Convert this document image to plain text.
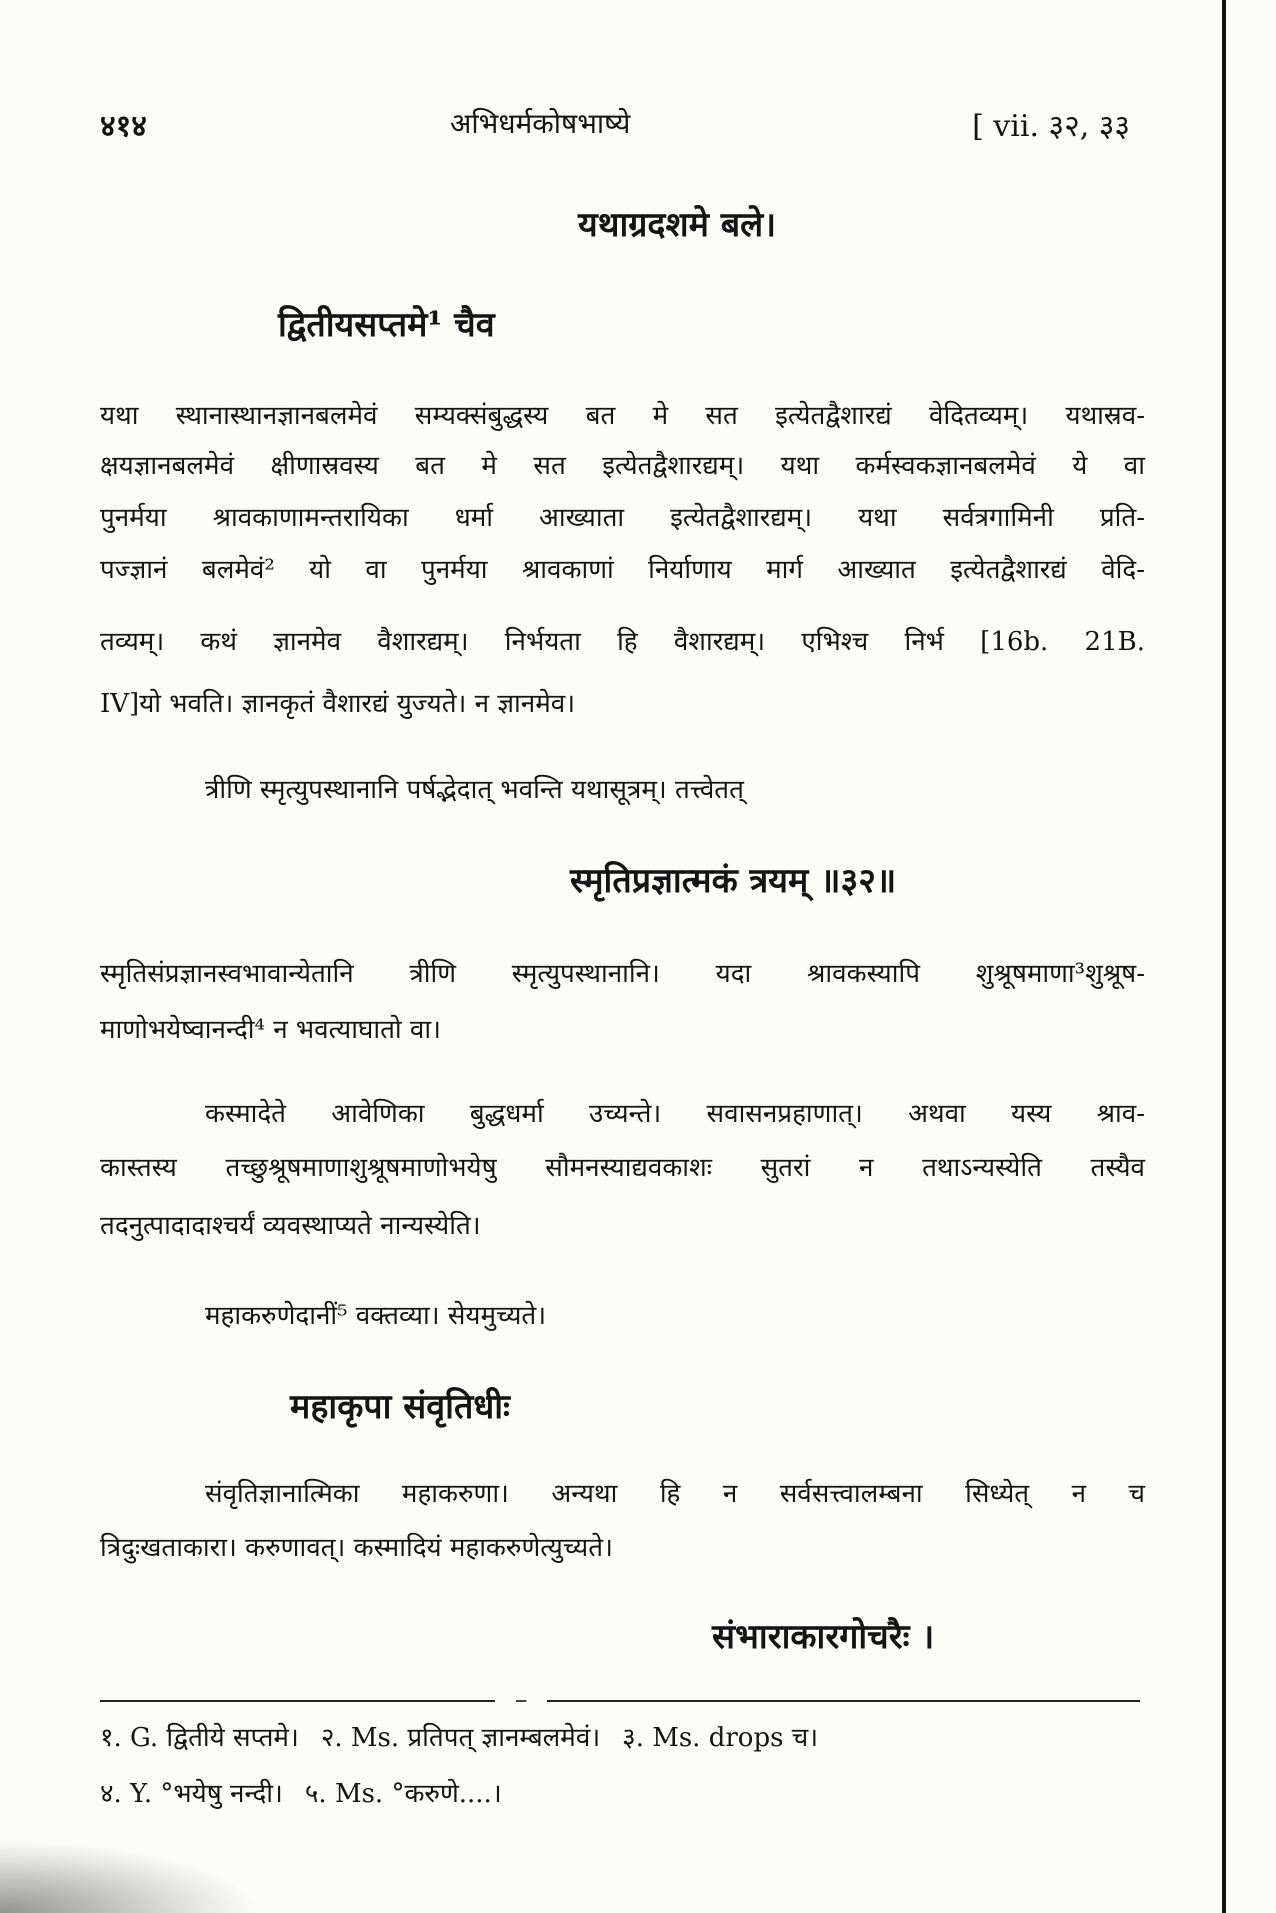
४१४	अभिधर्मकोषभाष्ये	[ vii. ३२, ३३
यथाग्रदशमे बले।
द्वितीयसप्तमे¹ चैव
यथा स्थानास्थानज्ञानबलमेवं सम्यक्संबुद्धस्य बत मे सत इत्येतद्वैशारद्यं वेदितव्यम्। यथास्रव-
क्षयज्ञानबलमेवं क्षीणास्रवस्य बत मे सत इत्येतद्वैशारद्यम्। यथा कर्मस्वकज्ञानबलमेवं ये वा
पुनर्मया श्रावकाणामन्तरायिका धर्मा आख्याता इत्येतद्वैशारद्यम्। यथा सर्वत्रगामिनी प्रति-
पज्ज्ञानं बलमेवं² यो वा पुनर्मया श्रावकाणां निर्याणाय मार्ग आख्यात इत्येतद्वैशारद्यं वेदि-
तव्यम्। कथं ज्ञानमेव वैशारद्यम्। निर्भयता हि वैशारद्यम्। एभिश्च निर्भ [16b. 21B.
IV]यो भवति। ज्ञानकृतं वैशारद्यं युज्यते। न ज्ञानमेव।
त्रीणि स्मृत्युपस्थानानि पर्षद्भेदात् भवन्ति यथासूत्रम्। तत्त्वेतत्
स्मृतिप्रज्ञात्मकं त्रयम् ॥३२॥
स्मृतिसंप्रज्ञानस्वभावान्येतानि त्रीणि स्मृत्युपस्थानानि। यदा श्रावकस्यापि शुश्रूषमाणा³शुश्रूष-
माणोभयेष्वानन्दी⁴ न भवत्याघातो वा।
कस्मादेते आवेणिका बुद्धधर्मा उच्यन्ते। सवासनप्रहाणात्। अथवा यस्य श्राव-
कास्तस्य तच्छुश्रूषमाणाशुश्रूषमाणोभयेषु सौमनस्याद्यवकाशः सुतरां न तथाऽन्यस्येति तस्यैव
तदनुत्पादादाश्चर्यं व्यवस्थाप्यते नान्यस्येति।
महाकरुणेदानीं⁵ वक्तव्या। सेयमुच्यते।
महाकृपा संवृतिधीः
संवृतिज्ञानात्मिका महाकरुणा। अन्यथा हि न सर्वसत्त्वालम्बना सिध्येत् न च
त्रिदुःखताकारा। करुणावत्। कस्मादियं महाकरुणेत्युच्यते।
संभाराकारगोचरैः ।
१. G. द्वितीये सप्तमे। २. Ms. प्रतिपत् ज्ञानम्बलमेवं। ३. Ms. drops च।
४. Y. °भयेषु नन्दी। ५. Ms. °करुणे....।
